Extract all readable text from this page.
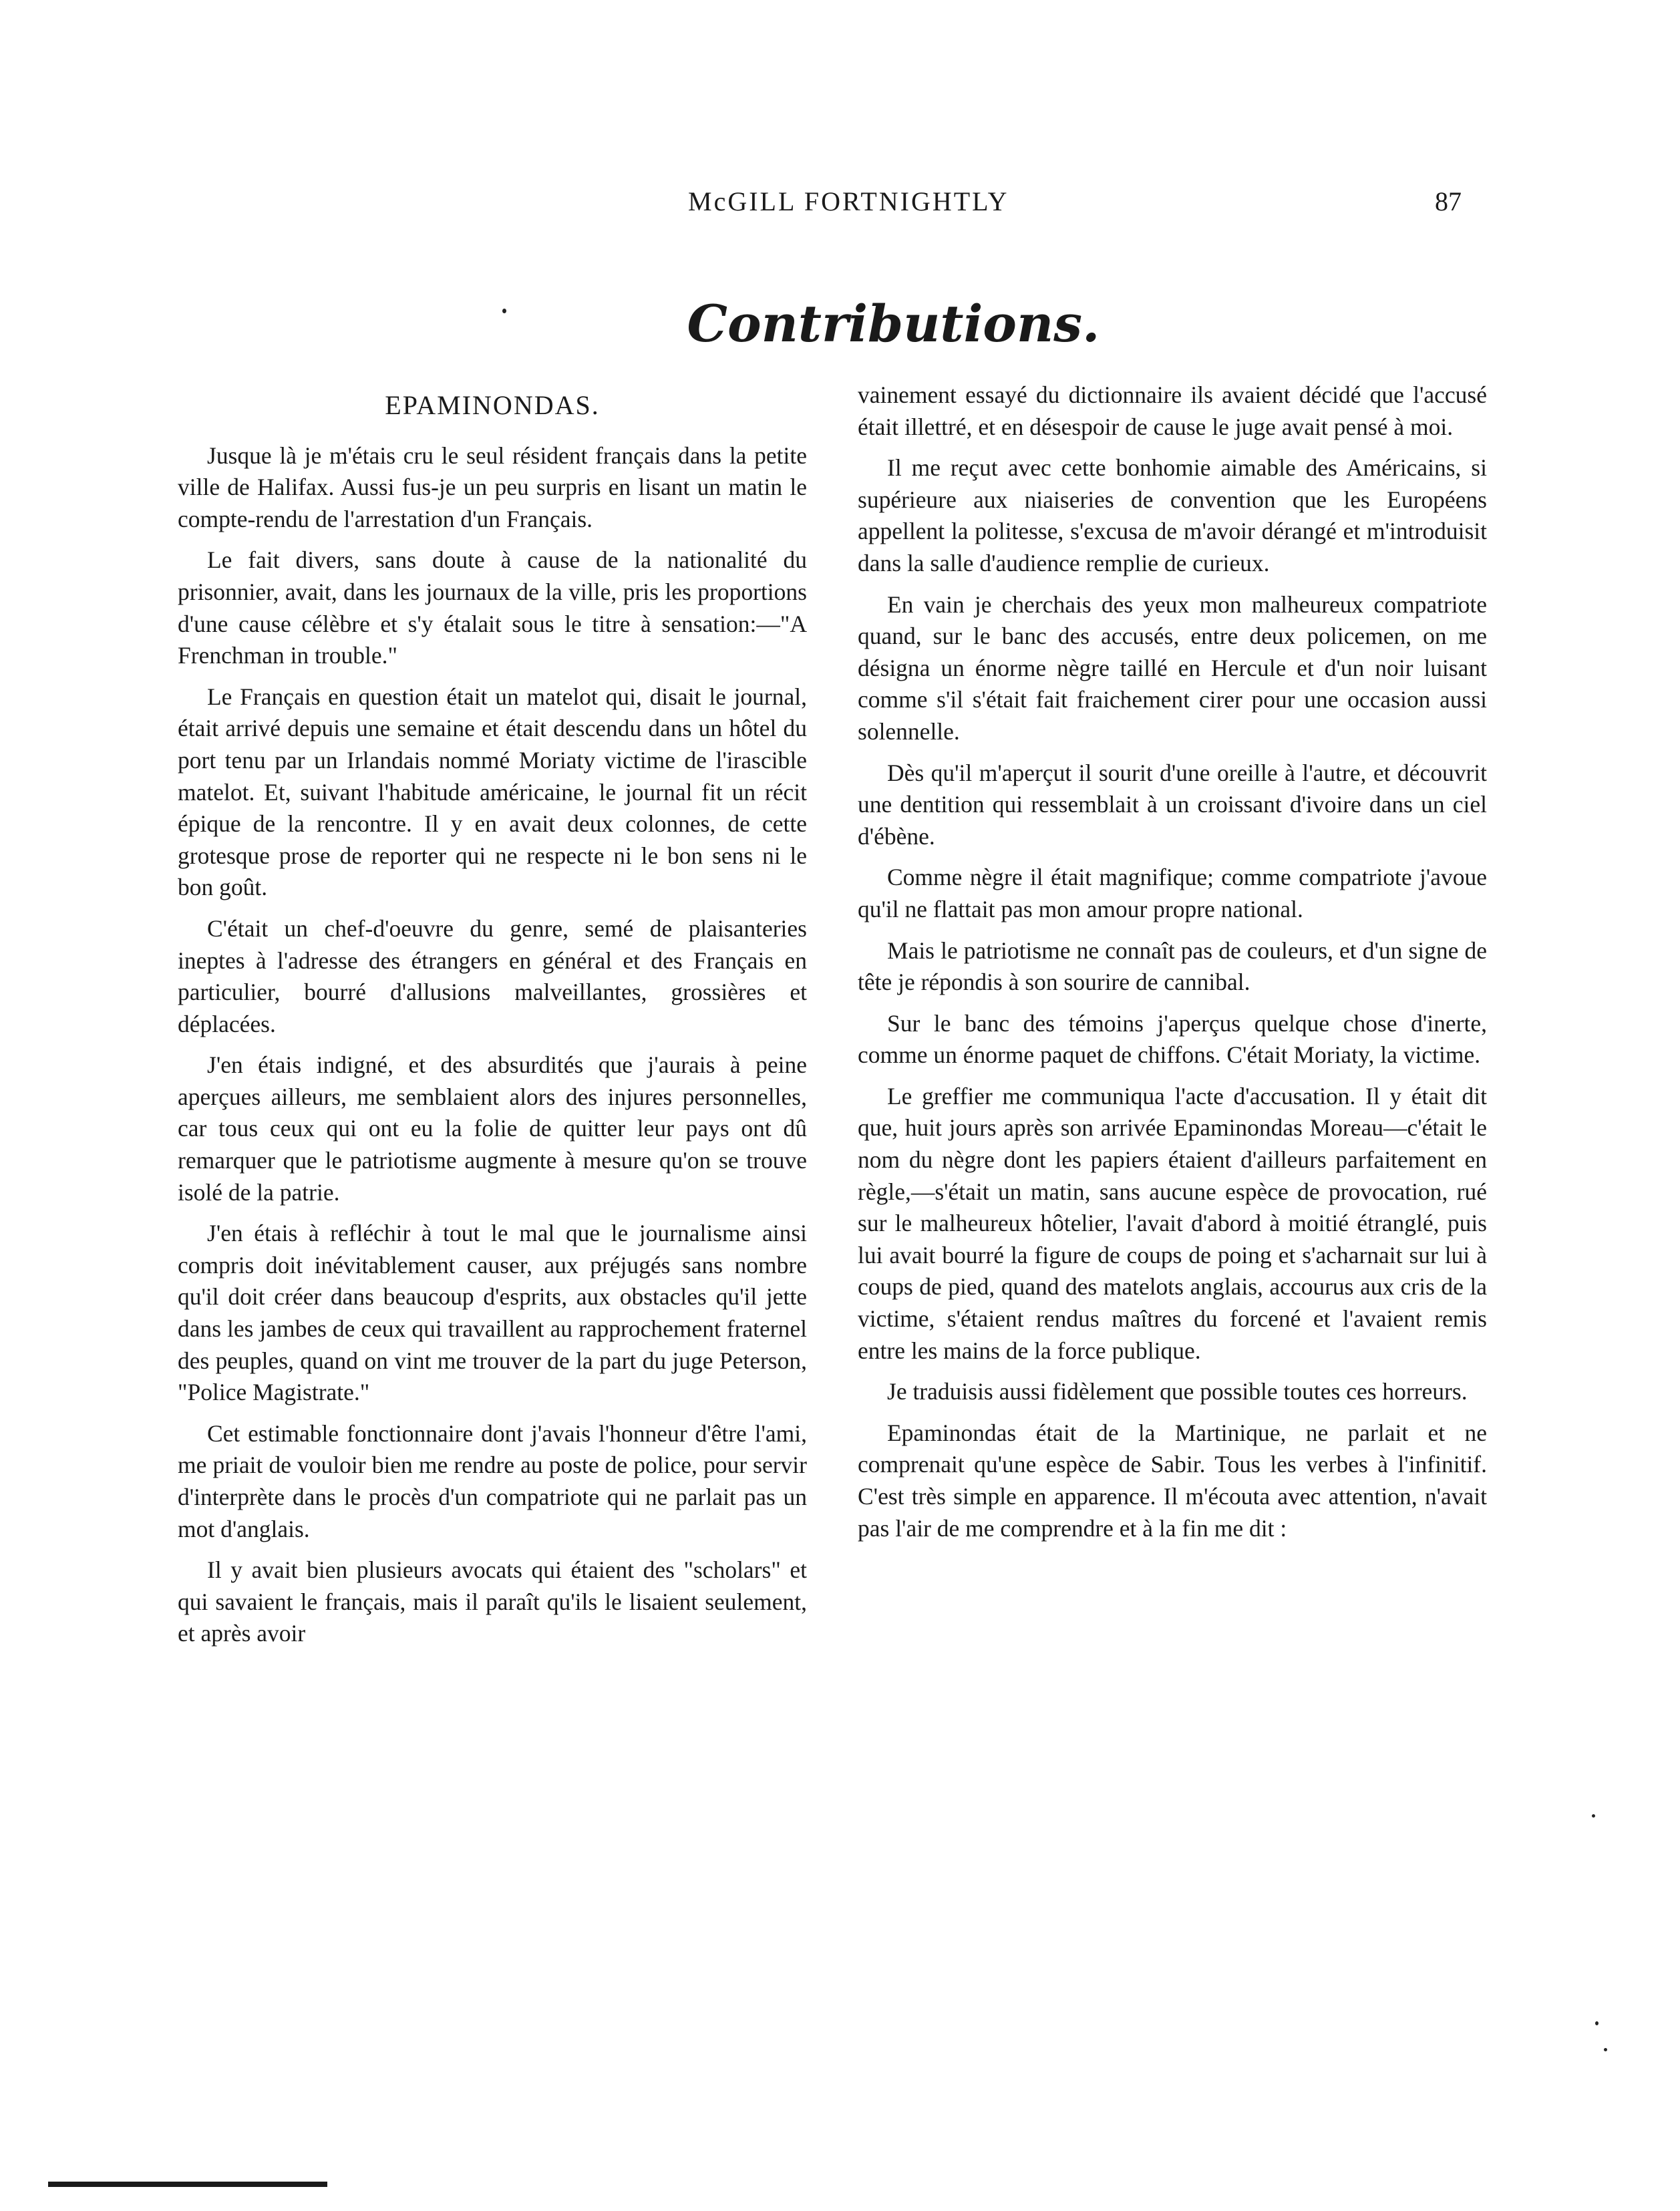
McGILL FORTNIGHTLY	87
Contributions.
EPAMINONDAS.

Jusque là je m'étais cru le seul résident français dans la petite ville de Halifax. Aussi fus-je un peu surpris en lisant un matin le compte-rendu de l'arrestation d'un Français.

Le fait divers, sans doute à cause de la nationalité du prisonnier, avait, dans les journaux de la ville, pris les proportions d'une cause célèbre et s'y étalait sous le titre à sensation:—"A Frenchman in trouble."

Le Français en question était un matelot qui, disait le journal, était arrivé depuis une semaine et était descendu dans un hôtel du port tenu par un Irlandais nommé Moriaty victime de l'irascible matelot. Et, suivant l'habitude américaine, le journal fit un récit épique de la rencontre. Il y en avait deux colonnes, de cette grotesque prose de reporter qui ne respecte ni le bon sens ni le bon goût.

C'était un chef-d'oeuvre du genre, semé de plaisanteries ineptes à l'adresse des étrangers en général et des Français en particulier, bourré d'allusions malveillantes, grossières et déplacées.

J'en étais indigné, et des absurdités que j'aurais à peine aperçues ailleurs, me semblaient alors des injures personnelles, car tous ceux qui ont eu la folie de quitter leur pays ont dû remarquer que le patriotisme augmente à mesure qu'on se trouve isolé de la patrie.

J'en étais à refléchir à tout le mal que le journalisme ainsi compris doit inévitablement causer, aux préjugés sans nombre qu'il doit créer dans beaucoup d'esprits, aux obstacles qu'il jette dans les jambes de ceux qui travaillent au rapprochement fraternel des peuples, quand on vint me trouver de la part du juge Peterson, "Police Magistrate."

Cet estimable fonctionnaire dont j'avais l'honneur d'être l'ami, me priait de vouloir bien me rendre au poste de police, pour servir d'interprète dans le procès d'un compatriote qui ne parlait pas un mot d'anglais.

Il y avait bien plusieurs avocats qui étaient des "scholars" et qui savaient le français, mais il paraît qu'ils le lisaient seulement, et après avoir

vainement essayé du dictionnaire ils avaient décidé que l'accusé était illettré, et en désespoir de cause le juge avait pensé à moi.

Il me reçut avec cette bonhomie aimable des Américains, si supérieure aux niaiseries de convention que les Européens appellent la politesse, s'excusa de m'avoir dérangé et m'introduisit dans la salle d'audience remplie de curieux.

En vain je cherchais des yeux mon malheureux compatriote quand, sur le banc des accusés, entre deux policemen, on me désigna un énorme nègre taillé en Hercule et d'un noir luisant comme s'il s'était fait fraichement cirer pour une occasion aussi solennelle.

Dès qu'il m'aperçut il sourit d'une oreille à l'autre, et découvrit une dentition qui ressemblait à un croissant d'ivoire dans un ciel d'ébène.

Comme nègre il était magnifique; comme compatriote j'avoue qu'il ne flattait pas mon amour propre national.

Mais le patriotisme ne connaît pas de couleurs, et d'un signe de tête je répondis à son sourire de cannibal.

Sur le banc des témoins j'aperçus quelque chose d'inerte, comme un énorme paquet de chiffons. C'était Moriaty, la victime.

Le greffier me communiqua l'acte d'accusation. Il y était dit que, huit jours après son arrivée Epaminondas Moreau—c'était le nom du nègre dont les papiers étaient d'ailleurs parfaitement en règle,—s'était un matin, sans aucune espèce de provocation, rué sur le malheureux hôtelier, l'avait d'abord à moitié étranglé, puis lui avait bourré la figure de coups de poing et s'acharnait sur lui à coups de pied, quand des matelots anglais, accourus aux cris de la victime, s'étaient rendus maîtres du forcené et l'avaient remis entre les mains de la force publique.

Je traduisis aussi fidèlement que possible toutes ces horreurs.

Epaminondas était de la Martinique, ne parlait et ne comprenait qu'une espèce de Sabir. Tous les verbes à l'infinitif. C'est très simple en apparence. Il m'écouta avec attention, n'avait pas l'air de me comprendre et à la fin me dit :
